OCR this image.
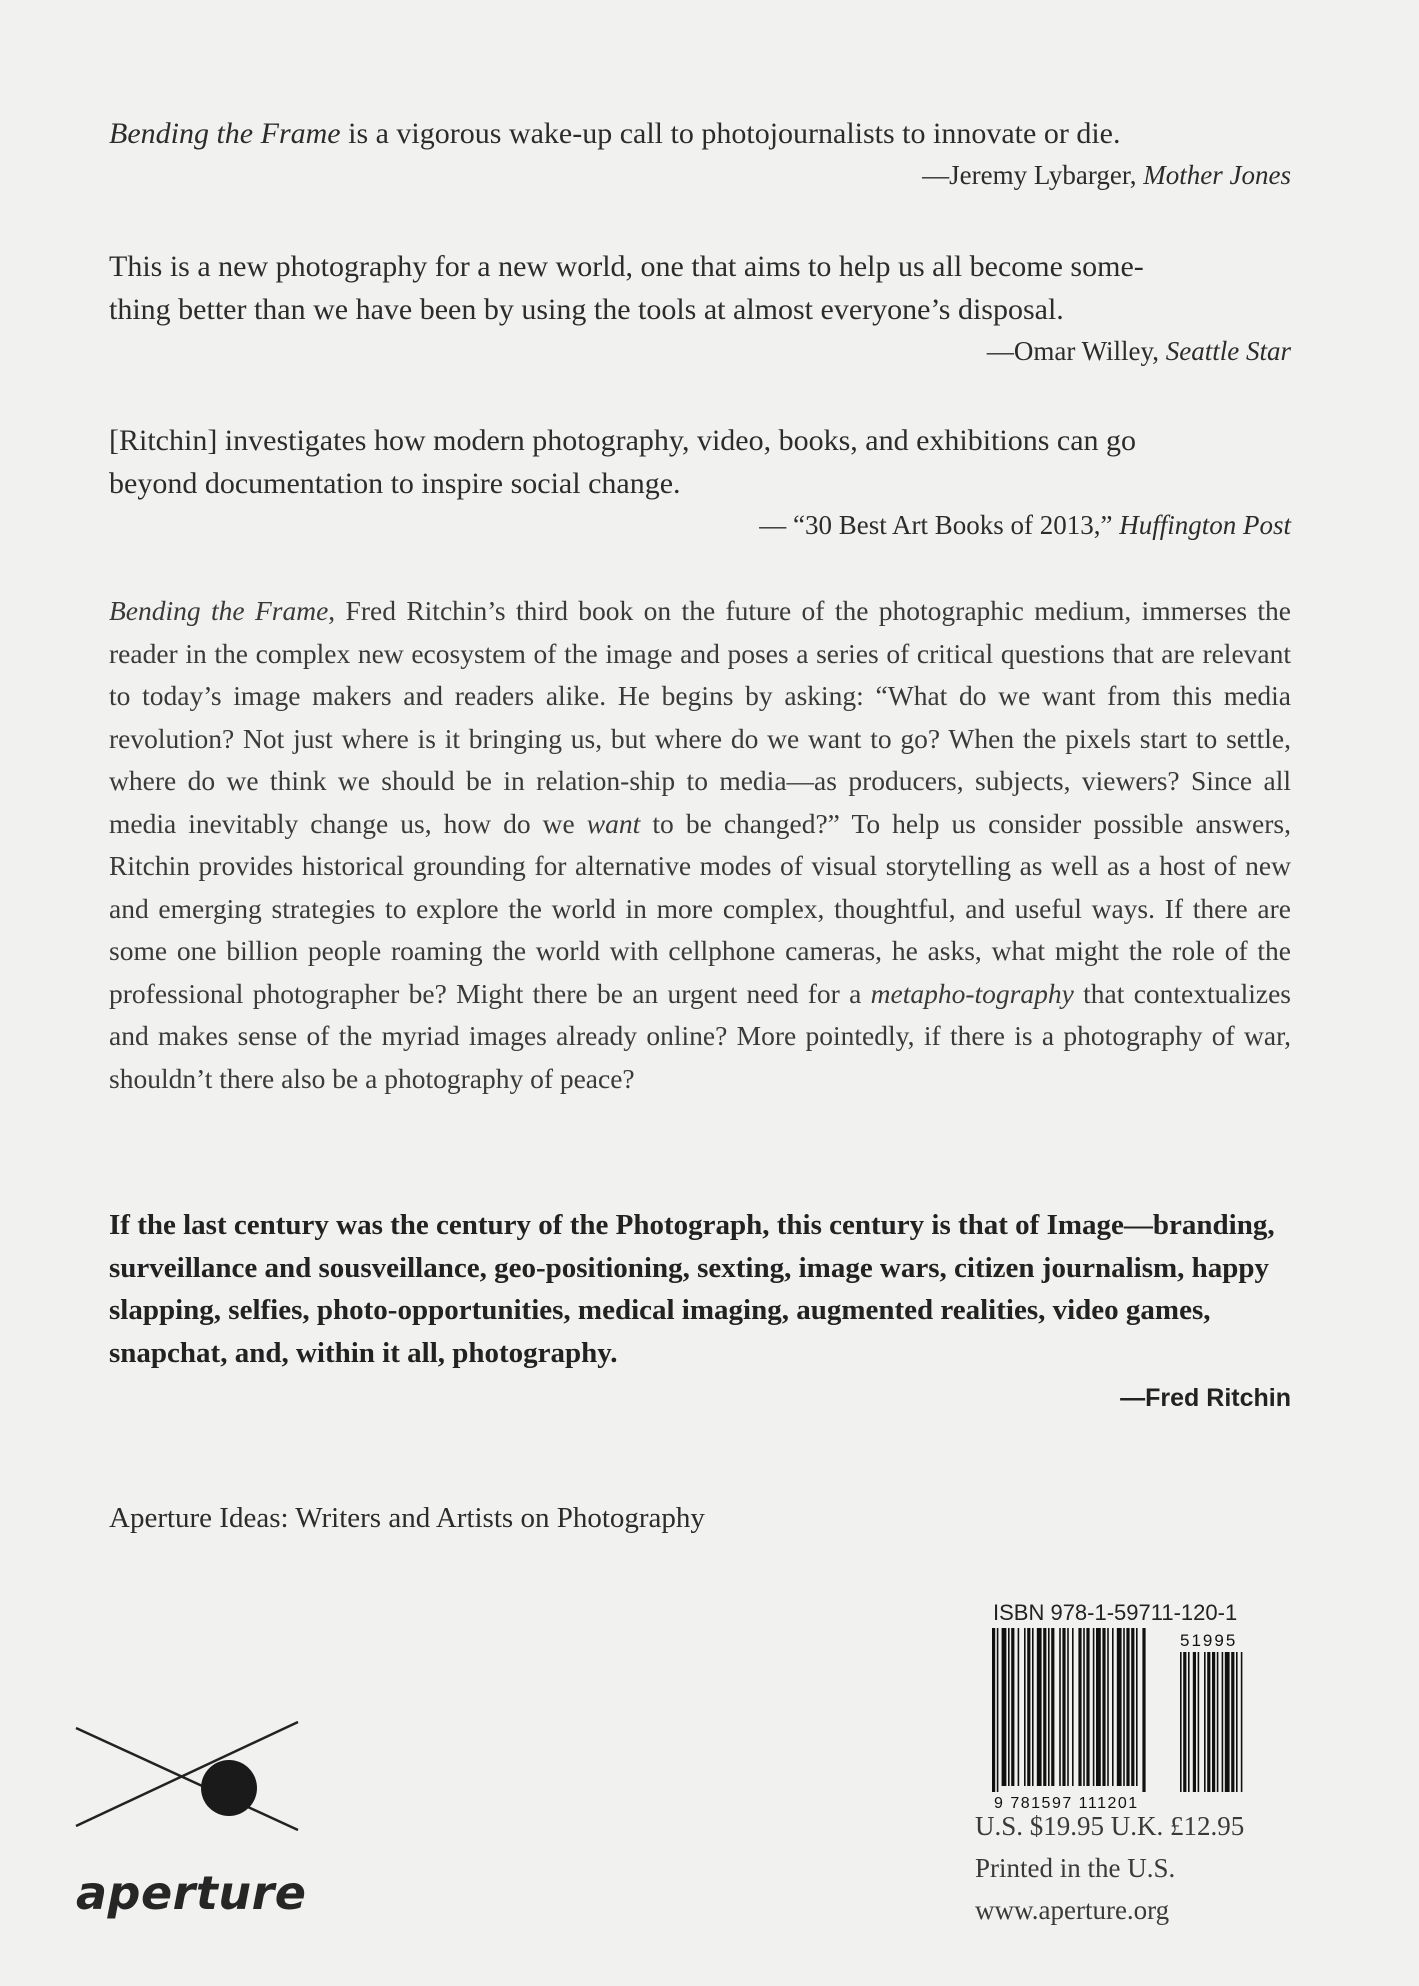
Bending the Frame is a vigorous wake-up call to photojournalists to innovate or die.

—Jeremy Lybarger, Mother Jones

This is a new photography for a new world, one that aims to help us all become some-
thing better than we have been by using the tools at almost everyone’s disposal.

—Omar Willey, Seattle Star

[Ritchin] investigates how modern photography, video, books, and exhibitions can go
beyond documentation to inspire social change.

— “30 Best Art Books of 2013,” Huffington Post

Bending the Frame, Fred Ritchin’s third book on the future of the photographic medium, immerses the reader in the complex new ecosystem of the image and poses a series of critical questions that are relevant to today’s image makers and readers alike. He begins by asking: “What do we want from this media revolution? Not just where is it bringing us, but where do we want to go? When the pixels start to settle, where do we think we should be in relation-ship to media—as producers, subjects, viewers? Since all media inevitably change us, how do we want to be changed?” To help us consider possible answers, Ritchin provides historical grounding for alternative modes of visual storytelling as well as a host of new and emerging strategies to explore the world in more complex, thoughtful, and useful ways. If there are some one billion people roaming the world with cellphone cameras, he asks, what might the role of the professional photographer be? Might there be an urgent need for a metapho-tography that contextualizes and makes sense of the myriad images already online? More pointedly, if there is a photography of war, shouldn’t there also be a photography of peace?

If the last century was the century of the Photograph, this century is that of Image—branding, surveillance and sousveillance, geo-positioning, sexting, image wars, citizen journalism, happy slapping, selfies, photo-opportunities, medical imaging, augmented realities, video games, snapchat, and, within it all, photography.

—Fred Ritchin

Aperture Ideas: Writers and Artists on Photography
ISBN 978-1-59711-120-1
51995
9 781597 111201
U.S. $19.95 U.K. £12.95
Printed in the U.S.
www.aperture.org
aperture
